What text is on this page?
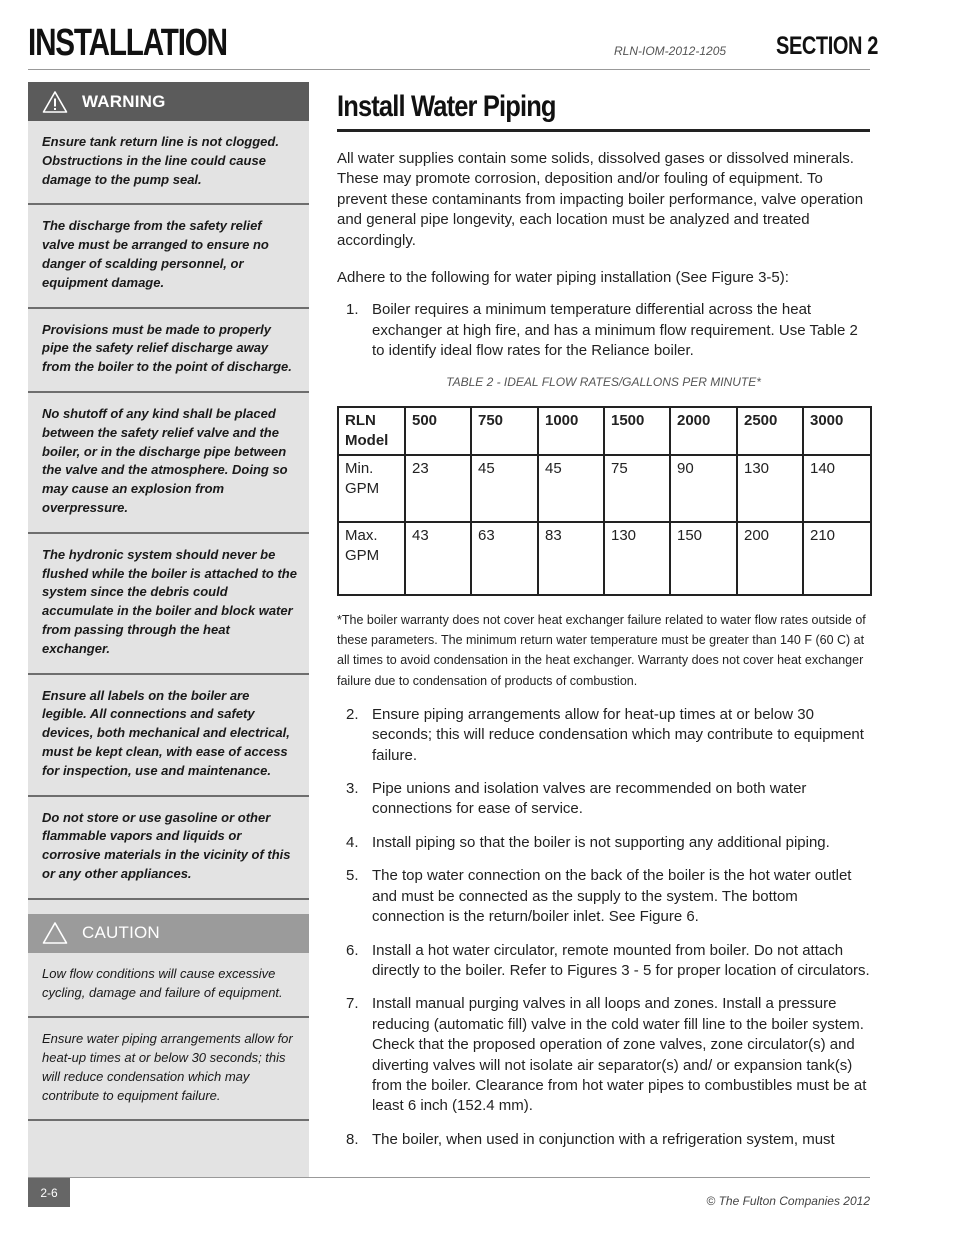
INSTALLATION	RLN-IOM-2012-1205 SECTION 2
WARNING
Ensure tank return line is not clogged. Obstructions in the line could cause damage to the pump seal.
The discharge from the safety relief valve must be arranged to ensure no danger of scalding personnel, or equipment damage.
Provisions must be made to properly pipe the safety relief discharge away from the boiler to the point of discharge.
No shutoff of any kind shall be placed between the safety relief valve and the boiler, or in the discharge pipe between the valve and the atmosphere. Doing so may cause an explosion from overpressure.
The hydronic system should never be flushed while the boiler is attached to the system since the debris could accumulate in the boiler and block water from passing through the heat exchanger.
Ensure all labels on the boiler are legible. All connections and safety devices, both mechanical and electrical, must be kept clean, with ease of access for inspection, use and maintenance.
Do not store or use gasoline or other flammable vapors and liquids or corrosive materials in the vicinity of this or any other appliances.
CAUTION
Low flow conditions will cause excessive cycling, damage and failure of equipment.
Ensure water piping arrangements allow for heat-up times at or below 30 seconds; this will reduce condensation which may contribute to equipment failure.
Install Water Piping

All water supplies contain some solids, dissolved gases or dissolved minerals. These may promote corrosion, deposition and/or fouling of equipment. To prevent these contaminants from impacting boiler performance, valve operation and general pipe longevity, each location must be analyzed and treated accordingly.

Adhere to the following for water piping installation (See Figure 3-5):

1. Boiler requires a minimum temperature differential across the heat exchanger at high fire, and has a minimum flow requirement. Use Table 2 to identify ideal flow rates for the Reliance boiler.
TABLE 2 - IDEAL FLOW RATES/GALLONS PER MINUTE*
RLN Model	500	750	1000	1500	2000	2500	3000
Min. GPM	23	45	45	75	90	130	140
Max. GPM	43	63	83	130	150	200	210
*The boiler warranty does not cover heat exchanger failure related to water flow rates outside of these parameters. The minimum return water temperature must be greater than 140 F (60 C) at all times to avoid condensation in the heat exchanger. Warranty does not cover heat exchanger failure due to condensation of products of combustion.
2. Ensure piping arrangements allow for heat-up times at or below 30 seconds; this will reduce condensation which may contribute to equipment failure.
3. Pipe unions and isolation valves are recommended on both water connections for ease of service.
4. Install piping so that the boiler is not supporting any additional piping.
5. The top water connection on the back of the boiler is the hot water outlet and must be connected as the supply to the system. The bottom connection is the return/boiler inlet. See Figure 6.
6. Install a hot water circulator, remote mounted from boiler. Do not attach directly to the boiler. Refer to Figures 3 - 5 for proper location of circulators.
7. Install manual purging valves in all loops and zones. Install a pressure reducing (automatic fill) valve in the cold water fill line to the boiler system. Check that the proposed operation of zone valves, zone circulator(s) and diverting valves will not isolate air separator(s) and/ or expansion tank(s) from the boiler. Clearance from hot water pipes to combustibles must be at least 6 inch (152.4 mm).
8. The boiler, when used in conjunction with a refrigeration system, must
2-6
© The Fulton Companies 2012
